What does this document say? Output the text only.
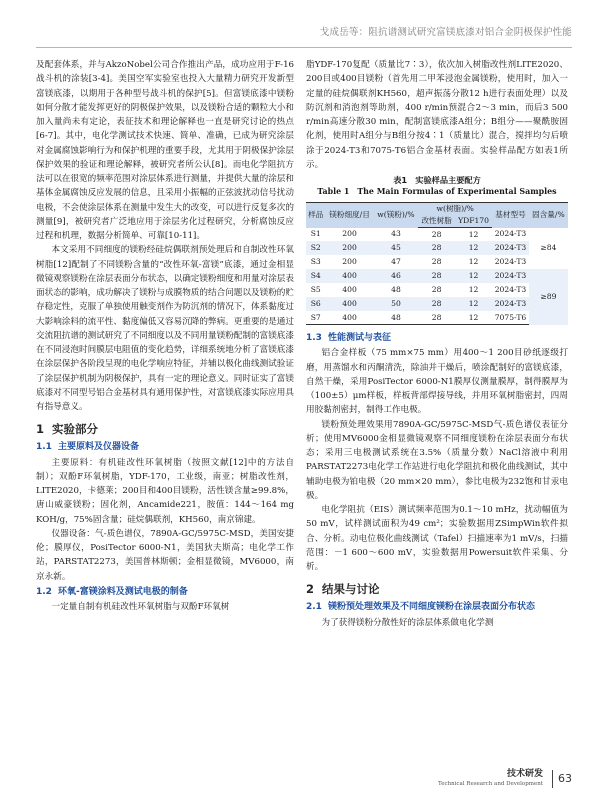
戈成岳等：阻抗谱测试研究富镁底漆对铝合金阴极保护性能

及配套体系，并与AkzoNobel公司合作推出产品，成功应用于F-16战斗机的涂装[3-4]。美国空军实验室也投入大量精力研究开发新型富镁底漆，以期用于各种型号战斗机的保护[5]。但富镁底漆中镁粉如何分散才能发挥更好的阴极保护效果，以及镁粉合适的颗粒大小和加入量尚未有定论，表征技术和理论解释也一直是研究讨论的热点[6-7]。其中，电化学测试技术快速、简单、准确，已成为研究涂层对金属腐蚀影响行为和保护机理的重要手段，尤其用于阴极保护涂层保护效果的验证和理论解释，被研究者所公认[8]。而电化学阻抗方法可以在很宽的频率范围对涂层体系进行测量，并提供大量的涂层和基体金属腐蚀反应发展的信息，且采用小振幅的正弦波扰动信号扰动电极，不会使涂层体系在测量中发生大的改变，可以进行反复多次的测量[9]，被研究者广泛地应用于涂层劣化过程研究，分析腐蚀反应过程和机理，数据分析简单、可靠[10-11]。

本文采用不同细度的镁粉经硅烷偶联剂预处理后和自制改性环氧树脂[12]配制了不同镁粉含量的“改性环氧-富镁”底漆，通过金相显微镜观察镁粉在涂层表面分布状态，以确定镁粉细度和用量对涂层表面状态的影响，成功解决了镁粉与成膜物质的结合问题以及镁粉的贮存稳定性，克服了单独使用触变剂作为防沉剂的情况下，体系黏度过大影响涂料的流平性、黏度偏低又容易沉降的弊病。更重要的是通过交流阻抗谱的测试研究了不同细度以及不同用量镁粉配制的富镁底漆在不同浸泡时间膜层电阻值的变化趋势，详细系统地分析了富镁底漆在涂层保护各阶段呈现的电化学响应特征，并辅以极化曲线测试验证了涂层保护机制为阴极保护，具有一定的理论意义。同时证实了富镁底漆对不同型号铝合金基材具有通用保护性，对富镁底漆实际应用具有指导意义。

1 实验部分
1.1 主要原料及仪器设备

主要原料：有机硅改性环氧树脂（按照文献[12]中的方法自制）；双酚F环氧树脂，YDF-170，工业级，南亚；树脂改性剂，LITE2020，卡德莱；200目和400目镁粉，活性镁含量≥99.8%，唐山威豪镁粉；固化剂，Ancamide221，胺值：144～164 mg KOH/g，75%固含量；硅烷偶联剂，KH560，南京锦建。

仪器设备：气-质色谱仪，7890A-GC/5975C-MSD，美国安捷伦；膜厚仪，PosiTector 6000-N1，美国狄夫斯高；电化学工作站，PARSTAT2273，美国普林斯顿；金相显微镜，MV6000，南京永新。

1.2 环氧-富镁涂料及测试电极的制备

一定量自制有机硅改性环氧树脂与双酚F环氧树

脂YDF-170复配（质量比7∶3），依次加入树脂改性剂LITE2020、200目或400目镁粉（首先用二甲苯浸泡金属镁粉，使用时，加入一定量的硅烷偶联剂KH560，超声振荡分散12 h进行表面处理）以及防沉剂和消泡剂等助剂，400 r/min预混合2～3 min，而后3 500 r/min高速分散30 min，配制富镁底漆A组分；B组分——聚酰胺固化剂，使用时A组分与B组分按4∶1（质量比）混合，搅拌均匀后喷涂于2024-T3和7075-T6铝合金基材表面。实验样品配方如表1所示。

表1　实验样品主要配方
Table 1　The Main Formulas of Experimental Samples
样品	镁粉细度/目	w(镁粉)/%	w(树脂)/%		基材型号	固含量/%
			改性树脂	YDF170		
S1	200	43	28	12	2024-T3	≥84
S2	200	45	28	12	2024-T3	
S3	200	47	28	12	2024-T3	
S4	400	46	28	12	2024-T3	≥89
S5	400	48	28	12	2024-T3	
S6	400	50	28	12	2024-T3	
S7	400	48	28	12	7075-T6	
1.3 性能测试与表征

铝合金样板（75 mm×75 mm）用400～1 200目砂纸逐级打磨，用蒸馏水和丙酮清洗，除油并干燥后，喷涂配制好的富镁底漆，自然干燥，采用PosiTector 6000-N1膜厚仪测量膜厚，制得膜厚为（100±5）μm样板，样板背部焊接导线，并用环氧树脂密封，四周用胶黏剂密封，制得工作电极。

镁粉预处理效果用7890A-GC/5975C-MSD气-质色谱仪表征分析；使用MV6000金相显微镜观察不同细度镁粉在涂层表面分布状态；采用三电极测试系统在3.5%（质量分数）NaCl溶液中利用PARSTAT2273电化学工作站进行电化学阻抗和极化曲线测试，其中辅助电极为铂电极（20 mm×20 mm），参比电极为232饱和甘汞电极。

电化学阻抗（EIS）测试频率范围为0.1～10 mHz，扰动幅值为50 mV，试样测试面积为49 cm²；实验数据用ZSimpWin软件拟合、分析。动电位极化曲线测试（Tafel）扫描速率为1 mV/s，扫描范围：－1 600～600 mV，实验数据用Powersuit软件采集、分析。

2 结果与讨论
2.1 镁粉预处理效果及不同细度镁粉在涂层表面分布状态

为了获得镁粉分散性好的涂层体系做电化学测

技术研发
Technical Research and Development 63
